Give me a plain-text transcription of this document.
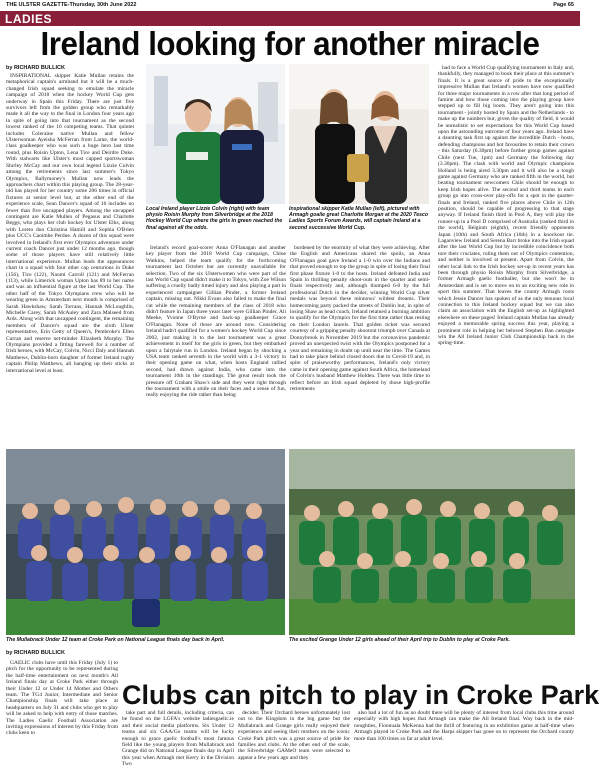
THE ULSTER GAZETTE-Thursday, 30th June 2022	Page 65
LADIES
Ireland looking for another miracle
by RICHARD BULLICK

INSPIRATIONAL skipper Katie Mullan retains the metaphorical captain's armband but it will be a much-changed Irish squad seeking to emulate the miracle campaign of 2018 when the hockey World Cup gets underway in Spain this Friday. There are just five survivors left from the golden group who remarkably made it all the way to the final in London four years ago in spite of going into that tournament as the second lowest ranked of the 16 competing teams. That quintet includes Coleraine native Mullan and fellow Ulsterwoman Ayeisha McFerran from Larne, the world-class goalkeeper who was such a huge hero last time round, plus Roisin Upton, Lena Tice and Deirdre Duke. With stalwarts like Ulster's most capped sportswoman Shirley McCay and our own local legend Lizzie Colvin among the retirements since last summer's Tokyo Olympics, Ballymoney's Mullan now leads the approachers chart within this playing group. The 28-year-old has played for her country some 206 times in official fixtures at senior level but, at the other end of the experience scale, Sean Dancer's squad of 16 includes no fewer than five uncapped players. Among the uncapped contingent are Katie Mullen of Pegasus and Charlotte Beggs, who plays her club hockey for Ulster Elks, along with Loreto duo Christina Hamill and Sophia O'Brien plus UCC's Caoimhe Perdue. A dozen of this squad were involved in Ireland's first ever Olympics adventure under current coach Dancer just under 12 months ago, though some of those players have still relatively little international experience. Mullan leads the appearances chart in a squad with four other cap centurions in Duke (156), Tice (122), Naomi Carroll (121) and McFerran (113), while Limerick woman Upton has 89 to her name and was an influential figure at the last World Cup. The other half of the Tokyo Olympians crew who will be wearing green in Amsterdam next month is comprised of Sarah Hawkshaw, Sarah Torrans, Hannah McLoughlin, Michelle Carey, Sarah McAuley and Zara Malseed from Ards. Along with that uncapped contingent, the remaining members of Dancer's squad are the sixth Ulster representative, Erin Getty of Queen's, Pembroke's Ellen Curran and reserve net-minder Elizabeth Murphy. The Olympians provided a fitting farewell for a number of Irish heroes, with McCay, Colvin, Nicci Daly and Hannah Matthews, Dublin-born daughter of former Ireland rugby captain Philip Matthews, all hanging up their sticks at international level at least.

Local Ireland player Lizzie Colvin (right) with team physio Roisin Murphy from Silverbridge at the 2018 Hockey World Cup where the girls in green reached the final against all the odds.
Inspirational skipper Katie Mullan (left), pictured with Armagh goalie great Charlotte Morgan at the 2020 Tesco Ladies Sports Forum Awards, will captain Ireland at a second successive World Cup.

Ireland's record goal-scorer Anna O'Flanagan and another key player from the 2018 World Cup campaign, Chloe Watkins, helped the team qualify for the forthcoming tournament last October but are currently unavailable for selection. Two of the six Ulsterwomen who were part of the last World Cup squad didn't make it to Tokyo, with Zoe Wilson suffering a cruelly badly timed injury and also playing a part in experienced campaigner Gillian Pinder, a former Ireland captain, missing out. Nikki Evans also failed to make the final cut while the remaining members of the class of 2018 who didn't feature in Japan three years later were Gillian Pinder, Ali Meeke, Yvonne O'Byrne and back-up goalkeeper Grace O'Flanagan. None of those are around now. Considering Ireland hadn't qualified for a women's hockey World Cup since 2002, just making it to the last tournament was a great achievement in itself for the girls in green, but they embarked upon a fairytale run in London. Ireland began by shocking a USA team ranked seventh in the world with a 3-1 victory in their opening game on what, when hosts England rallied second, had drawn against India, who came into the tournament 10th in the standings. The great result took the pressure off Graham Shaw's side and they went right through the tournament with a smile on their faces and a sense of fun, really enjoying the ride rather than being

burdened by the enormity of what they were achieving. After the English and Americans shared the spoils, an Anna O'Flanagan goal gave Ireland a 1-0 win over the Indians and that proved enough to top the group in spite of losing their final first phase fixture 1-0 to the hosts. Ireland defeated India and Spain in thrilling penalty shoot-outs in the quarter and semi-finals respectively and, although thumped 6-0 by the full professional Dutch in the decider, winning World Cup silver medals was beyond these minnows' wildest dreams. Their homecoming party packed the streets of Dublin but, in spite of losing Shaw as head coach, Ireland retained a burning ambition to qualify for the Olympics for the first time rather than resting on their London laurels. That golden ticket was secured courtesy of a gripping penalty shootout triumph over Canada at Donnybrook in November 2019 but the coronavirus pandemic proved an unexpected twist with the Olympics postponed for a year and remaining in doubt up until near the time. The Games had to take place behind closed doors due to Covid-19 and, in spite of praiseworthy performances, Ireland's only victory came in their opening game against South Africa, the homeland of Colvin's husband Matthew Holden. There was little time to reflect before an Irish squad depleted by those high-profile retirements

had to face a World Cup qualifying tournament in Italy and, thankfully, they managed to book their place at this summer's finals. It is a great source of pride to the exceptionally impressive Mullan that Ireland's women have now qualified for three major tournaments in a row after that long period of famine and how those coming into the playing group have stepped up to fill big boots. They aren't going into this tournament - jointly hosted by Spain and the Netherlands - to make up the numbers but, given the quality of field, it would be unrealistic to set expectations for this World Cup based upon the astounding outcome of four years ago. Ireland have a daunting task first up against the incredible Dutch - hosts, defending champions and hot favourites to retain their crown - this Saturday (6.30pm) before further group games against Chile (next Tue, 1pm) and Germany the following day (3.30pm). The clash with world and Olympic champions Holland is being aired 3.30pm and it will also be a tough game against Germany who are ranked fifth in the world, but beating tournament newcomers Chile should be enough to keep Irish hopes alive. The second and third teams in each group go into cross-over play-offs for a spot in the quarter-finals and Ireland, ranked five places above Chile in 12th position, should be capable of progressing to that stage anyway. If Ireland finish third in Pool A, they will play the runner-up in a Pool D comprised of Australia (ranked third in the world), Belgium (eighth), recent friendly opponents Japan (10th) and South Africa (16th) in a knockout tie. Laganview Ireland and Serena Barr broke into the Irish squad after the last World Cup but by incredible coincidence both tore their cruciates, ruling them out of Olympics contention, and neither is involved at present. Apart from Colvin, the other local link to the Irish hockey set-up in recent years has been through physio Roisin Murphy from Silverbridge, a former Armagh gaelic footballer, but she won't be in Amsterdam and is set to move on to an exciting new role in sport this summer. That leaves the county Armagh roots which Jessie Dancer has spoken of as the only tenuous local connection to this Ireland hockey squad but we can also claim an association with the English set-up as highlighted elsewhere on these pages! Ireland captain Mullan has already enjoyed a memorable spring success this year, playing a prominent role in helping her beloved Stephen Ban camogie win the All Ireland Junior Club Championship back in the spring-time.

The Mullabrack Under 12 team at Croke Park on National League finals day back in April.	The excited Grange Under 12 girls ahead of their April trip to Dublin to play at Croke Park.
by RICHARD BULLICK
Clubs can pitch to play in Croke Park

GAELIC clubs have until this Friday (July 1) to pitch for the opportunity to be represented during the half-time entertainment on next month's All Ireland finals day at Croke Park either through their Under 12 or Under 14 Mother and Others team. The TG4 Junior, Intermediate and Senior Championship finals will take place at headquarters on July 31 and clubs who get to play will be asked to help with entry of those matches. The Ladies Gaelic Football Association are inviting expressions of interest by this Friday from clubs keen to

take part and full details, including criteria, can be found on the LGFA's website ladiesgaelic.ie and their social media platforms. Six Under 12 teams and six GAA/Go teams will be lucky enough to grace gaelic football's most famous field like the young players from Mullabrack and Grange did on National League finals day in April this year when Armagh met Kerry in the Division Two

decider. Their Orchard heroes unfortunately lost out to the Kingdom in the big game but the Mullabrack and Grange girls really enjoyed their experience and seeing their mothers on the iconic Croke Park pitch was a great source of pride for families and clubs. At the other end of the scale, the Silverbridge GAMeO team were selected to appear a few years ago and they

also had a lot of fun as no doubt there will be plenty of interest from local clubs this time around especially with high hopes that Armagh can make the All Ireland final. Way back in the mid-noughties, Fionnuala McKenna had the thrill of featuring in an exhibition game at half-time when Armagh played in Croke Park and the Harps skipper has gone on to represent the Orchard county more than 100 times so far at adult level.
